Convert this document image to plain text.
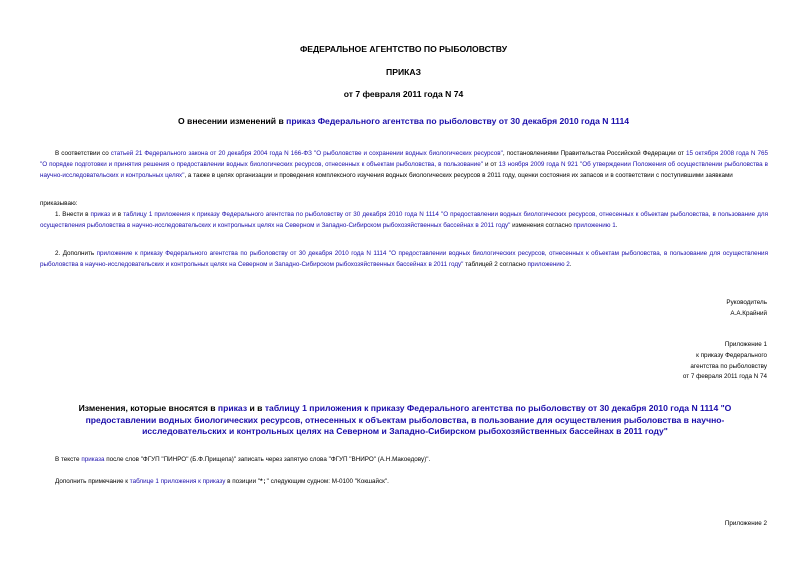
ФЕДЕРАЛЬНОЕ АГЕНТСТВО ПО РЫБОЛОВСТВУ
ПРИКАЗ
от 7 февраля 2011 года N 74
О внесении изменений в приказ Федерального агентства по рыболовству от 30 декабря 2010 года N 1114
В соответствии со статьей 21 Федерального закона от 20 декабря 2004 года N 166-ФЗ "О рыболовстве и сохранении водных биологических ресурсов", постановлениями Правительства Российской Федерации от 15 октября 2008 года N 765 "О порядке подготовки и принятия решения о предоставлении водных биологических ресурсов, отнесенных к объектам рыболовства, в пользование" и от 13 ноября 2009 года N 921 "Об утверждении Положения об осуществлении рыболовства в научно-исследовательских и контрольных целях", а также в целях организации и проведения комплексного изучения водных биологических ресурсов в 2011 году, оценки состояния их запасов и в соответствии с поступившими заявками
приказываю:
1. Внести в приказ и в таблицу 1 приложения к приказу Федерального агентства по рыболовству от 30 декабря 2010 года N 1114 "О предоставлении водных биологических ресурсов, отнесенных к объектам рыболовства, в пользование для осуществления рыболовства в научно-исследовательских и контрольных целях на Северном и Западно-Сибирском рыбохозяйственных бассейнах в 2011 году" изменения согласно приложению 1.
2. Дополнить приложение к приказу Федерального агентства по рыболовству от 30 декабря 2010 года N 1114 "О предоставлении водных биологических ресурсов, отнесенных к объектам рыболовства, в пользование для осуществления рыболовства в научно-исследовательских и контрольных целях на Северном и Западно-Сибирском рыбохозяйственных бассейнах в 2011 году" таблицей 2 согласно приложению 2.
Руководитель
А.А.Крайний
Приложение 1
к приказу Федерального
агентства по рыболовству
от 7 февраля 2011 года N 74
Изменения, которые вносятся в приказ и в таблицу 1 приложения к приказу Федерального агентства по рыболовству от 30 декабря 2010 года N 1114 "О предоставлении водных биологических ресурсов, отнесенных к объектам рыболовства, в пользование для осуществления рыболовства в научно-исследовательских и контрольных целях на Северном и Западно-Сибирском рыбохозяйственных бассейнах в 2011 году"
В тексте приказа после слов "ФГУП "ПИНРО" (Б.Ф.Прищепа)" записать через запятую слова "ФГУП "ВНИРО" (А.Н.Макоедову)".
Дополнить примечание к таблице 1 приложения к приказу в позиции "*;" следующим судном: М-0100 "Кокшайск".
Приложение 2
